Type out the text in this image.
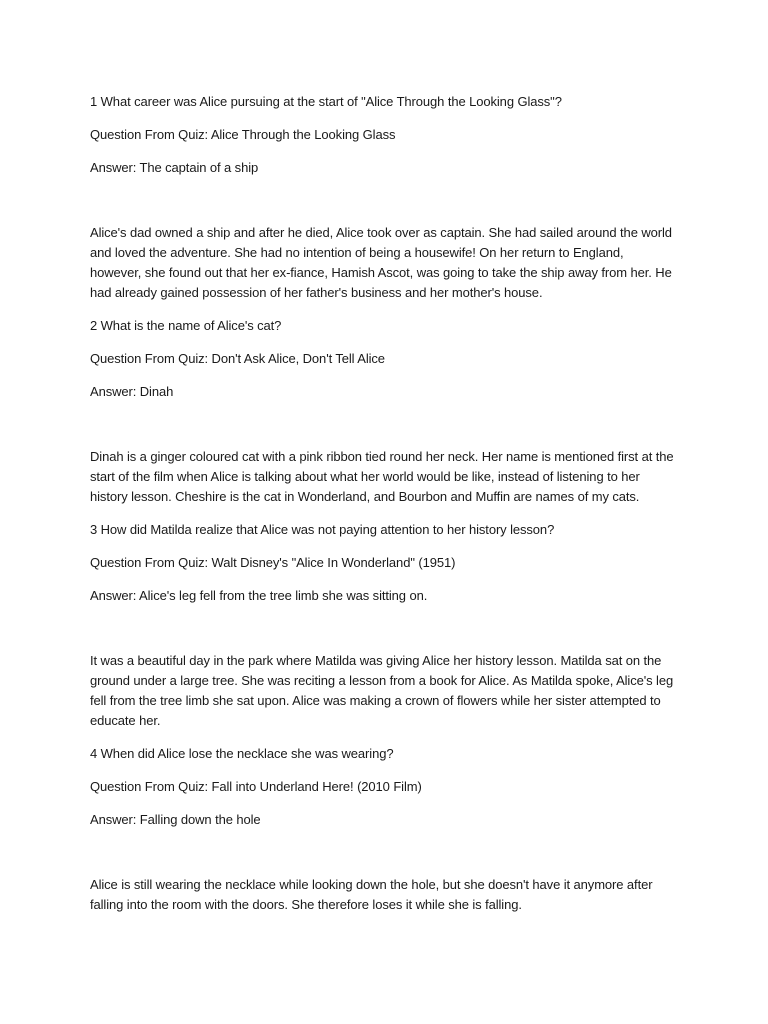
1 What career was Alice pursuing at the start of "Alice Through the Looking Glass"?

Question From Quiz: Alice Through the Looking Glass

Answer: The captain of a ship

Alice's dad owned a ship and after he died, Alice took over as captain. She had sailed around the world

and loved the adventure. She had no intention of being a housewife! On her return to England,

however, she found out that her ex-fiance, Hamish Ascot, was going to take the ship away from her. He

had already gained possession of her father's business and her mother's house.

2 What is the name of Alice's cat?

Question From Quiz: Don't Ask Alice, Don't Tell Alice

Answer: Dinah

Dinah is a ginger coloured cat with a pink ribbon tied round her neck. Her name is mentioned first at the

start of the film when Alice is talking about what her world would be like, instead of listening to her

history lesson. Cheshire is the cat in Wonderland, and Bourbon and Muffin are names of my cats.

3 How did Matilda realize that Alice was not paying attention to her history lesson?

Question From Quiz: Walt Disney's "Alice In Wonderland" (1951)

Answer: Alice's leg fell from the tree limb she was sitting on.

It was a beautiful day in the park where Matilda was giving Alice her history lesson. Matilda sat on the

ground under a large tree. She was reciting a lesson from a book for Alice. As Matilda spoke, Alice's leg

fell from the tree limb she sat upon. Alice was making a crown of flowers while her sister attempted to

educate her.

4 When did Alice lose the necklace she was wearing?

Question From Quiz: Fall into Underland Here! (2010 Film)

Answer: Falling down the hole

Alice is still wearing the necklace while looking down the hole, but she doesn't have it anymore after

falling into the room with the doors. She therefore loses it while she is falling.
